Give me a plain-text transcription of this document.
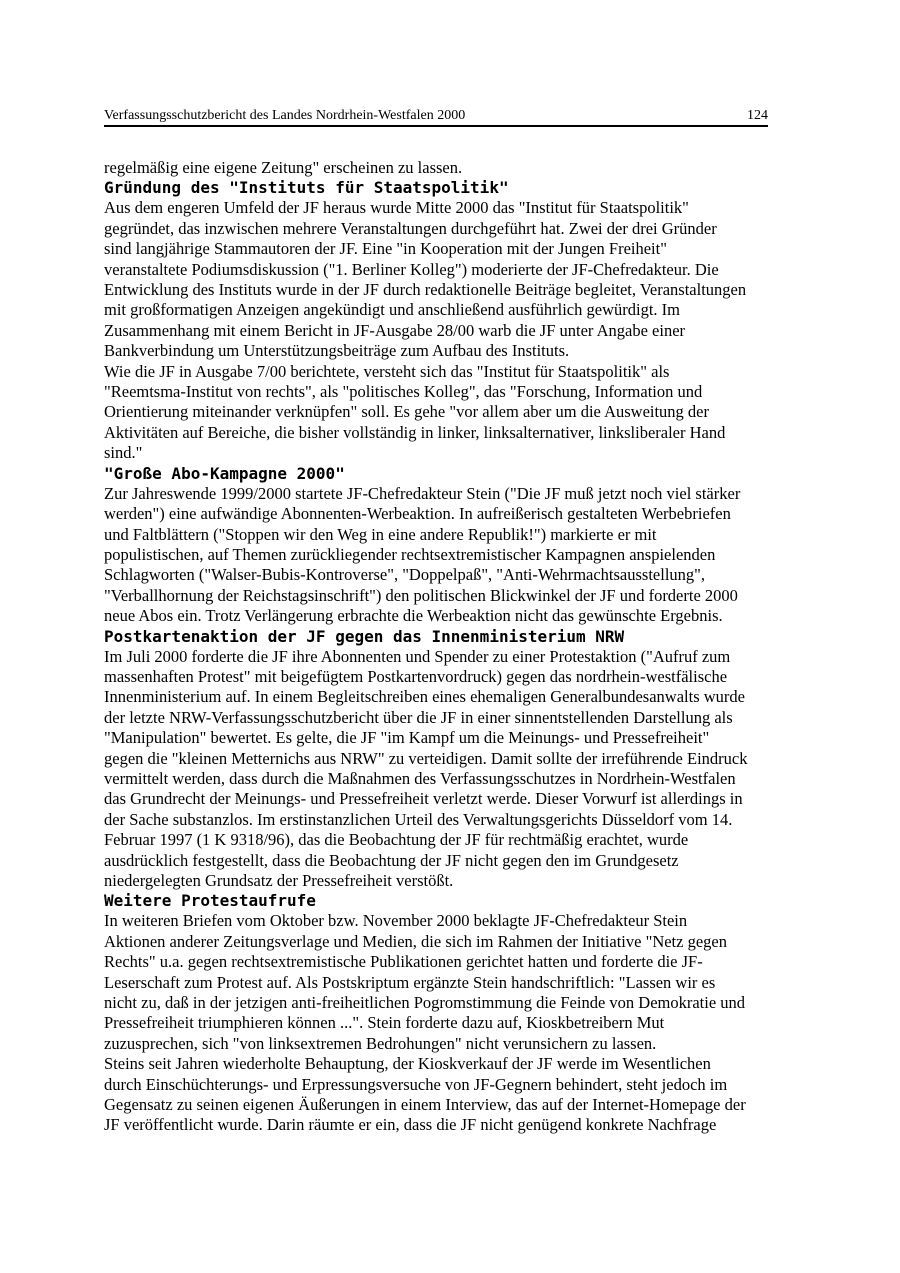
Verfassungsschutzbericht des Landes Nordrhein-Westfalen 2000	124

regelmäßig eine eigene Zeitung" erscheinen zu lassen.

Gründung des "Instituts für Staatspolitik"

Aus dem engeren Umfeld der JF heraus wurde Mitte 2000 das "Institut für Staatspolitik"
gegründet, das inzwischen mehrere Veranstaltungen durchgeführt hat. Zwei der drei Gründer
sind langjährige Stammautoren der JF. Eine "in Kooperation mit der Jungen Freiheit"
veranstaltete Podiumsdiskussion ("1. Berliner Kolleg") moderierte der JF-Chefredakteur. Die
Entwicklung des Instituts wurde in der JF durch redaktionelle Beiträge begleitet, Veranstaltungen
mit großformatigen Anzeigen angekündigt und anschließend ausführlich gewürdigt. Im
Zusammenhang mit einem Bericht in JF-Ausgabe 28/00 warb die JF unter Angabe einer
Bankverbindung um Unterstützungsbeiträge zum Aufbau des Instituts.

Wie die JF in Ausgabe 7/00 berichtete, versteht sich das "Institut für Staatspolitik" als
"Reemtsma-Institut von rechts", als "politisches Kolleg", das "Forschung, Information und
Orientierung miteinander verknüpfen" soll. Es gehe "vor allem aber um die Ausweitung der
Aktivitäten auf Bereiche, die bisher vollständig in linker, linksalternativer, linksliberaler Hand
sind."

"Große Abo-Kampagne 2000"

Zur Jahreswende 1999/2000 startete JF-Chefredakteur Stein ("Die JF muß jetzt noch viel stärker
werden") eine aufwändige Abonnenten-Werbeaktion. In aufreißerisch gestalteten Werbebriefen
und Faltblättern ("Stoppen wir den Weg in eine andere Republik!") markierte er mit
populistischen, auf Themen zurückliegender rechtsextremistischer Kampagnen anspielenden
Schlagworten ("Walser-Bubis-Kontroverse", "Doppelpaß", "Anti-Wehrmachtsausstellung",
"Verballhornung der Reichstagsinschrift") den politischen Blickwinkel der JF und forderte 2000
neue Abos ein. Trotz Verlängerung erbrachte die Werbeaktion nicht das gewünschte Ergebnis.

Postkartenaktion der JF gegen das Innenministerium NRW

Im Juli 2000 forderte die JF ihre Abonnenten und Spender zu einer Protestaktion ("Aufruf zum
massenhaften Protest" mit beigefügtem Postkartenvordruck) gegen das nordrhein-westfälische
Innenministerium auf. In einem Begleitschreiben eines ehemaligen Generalbundesanwalts wurde
der letzte NRW-Verfassungsschutzbericht über die JF in einer sinnentstellenden Darstellung als
"Manipulation" bewertet. Es gelte, die JF "im Kampf um die Meinungs- und Pressefreiheit"
gegen die "kleinen Metternichs aus NRW" zu verteidigen. Damit sollte der irreführende Eindruck
vermittelt werden, dass durch die Maßnahmen des Verfassungsschutzes in Nordrhein-Westfalen
das Grundrecht der Meinungs- und Pressefreiheit verletzt werde. Dieser Vorwurf ist allerdings in
der Sache substanzlos. Im erstinstanzlichen Urteil des Verwaltungsgerichts Düsseldorf vom 14.
Februar 1997 (1 K 9318/96), das die Beobachtung der JF für rechtmäßig erachtet, wurde
ausdrücklich festgestellt, dass die Beobachtung der JF nicht gegen den im Grundgesetz
niedergelegten Grundsatz der Pressefreiheit verstößt.

Weitere Protestaufrufe

In weiteren Briefen vom Oktober bzw. November 2000 beklagte JF-Chefredakteur Stein
Aktionen anderer Zeitungsverlage und Medien, die sich im Rahmen der Initiative "Netz gegen
Rechts" u.a. gegen rechtsextremistische Publikationen gerichtet hatten und forderte die JF-
Leserschaft zum Protest auf. Als Postskriptum ergänzte Stein handschriftlich: "Lassen wir es
nicht zu, daß in der jetzigen anti-freiheitlichen Pogromstimmung die Feinde von Demokratie und
Pressefreiheit triumphieren können ...". Stein forderte dazu auf, Kioskbetreibern Mut
zuzusprechen, sich "von linksextremen Bedrohungen" nicht verunsichern zu lassen.

Steins seit Jahren wiederholte Behauptung, der Kioskverkauf der JF werde im Wesentlichen
durch Einschüchterungs- und Erpressungsversuche von JF-Gegnern behindert, steht jedoch im
Gegensatz zu seinen eigenen Äußerungen in einem Interview, das auf der Internet-Homepage der
JF veröffentlicht wurde. Darin räumte er ein, dass die JF nicht genügend konkrete Nachfrage
